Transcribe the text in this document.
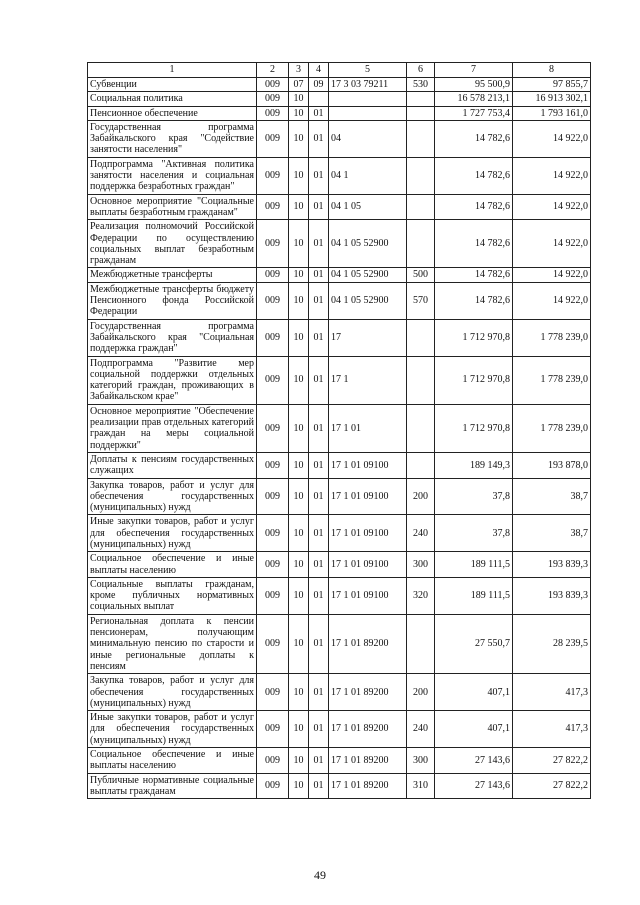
1	2	3	4	5	6	7	8
Субвенции	009	07	09	17 3 03 79211	530	95 500,9	97 855,7
Социальная политика	009	10				16 578 213,1	16 913 302,1
Пенсионное обеспечение	009	10	01			1 727 753,4	1 793 161,0
Государственная программа Забайкальского края "Содействие занятости населения"	009	10	01	04		14 782,6	14 922,0
Подпрограмма "Активная политика занятости населения и социальная поддержка безработных граждан"	009	10	01	04 1		14 782,6	14 922,0
Основное мероприятие "Социальные выплаты безработным гражданам"	009	10	01	04 1 05		14 782,6	14 922,0
Реализация полномочий Российской Федерации по осуществлению социальных выплат безработным гражданам	009	10	01	04 1 05 52900		14 782,6	14 922,0
Межбюджетные трансферты	009	10	01	04 1 05 52900	500	14 782,6	14 922,0
Межбюджетные трансферты бюджету Пенсионного фонда Российской Федерации	009	10	01	04 1 05 52900	570	14 782,6	14 922,0
Государственная программа Забайкальского края "Социальная поддержка граждан"	009	10	01	17		1 712 970,8	1 778 239,0
Подпрограмма "Развитие мер социальной поддержки отдельных категорий граждан, проживающих в Забайкальском крае"	009	10	01	17 1		1 712 970,8	1 778 239,0
Основное мероприятие "Обеспечение реализации прав отдельных категорий граждан на меры социальной поддержки"	009	10	01	17 1 01		1 712 970,8	1 778 239,0
Доплаты к пенсиям государственных служащих	009	10	01	17 1 01 09100		189 149,3	193 878,0
Закупка товаров, работ и услуг для обеспечения государственных (муниципальных) нужд	009	10	01	17 1 01 09100	200	37,8	38,7
Иные закупки товаров, работ и услуг для обеспечения государственных (муниципальных) нужд	009	10	01	17 1 01 09100	240	37,8	38,7
Социальное обеспечение и иные выплаты населению	009	10	01	17 1 01 09100	300	189 111,5	193 839,3
Социальные выплаты гражданам, кроме публичных нормативных социальных выплат	009	10	01	17 1 01 09100	320	189 111,5	193 839,3
Региональная доплата к пенсии пенсионерам, получающим минимальную пенсию по старости и иные региональные доплаты к пенсиям	009	10	01	17 1 01 89200		27 550,7	28 239,5
Закупка товаров, работ и услуг для обеспечения государственных (муниципальных) нужд	009	10	01	17 1 01 89200	200	407,1	417,3
Иные закупки товаров, работ и услуг для обеспечения государственных (муниципальных) нужд	009	10	01	17 1 01 89200	240	407,1	417,3
Социальное обеспечение и иные выплаты населению	009	10	01	17 1 01 89200	300	27 143,6	27 822,2
Публичные нормативные социальные выплаты гражданам	009	10	01	17 1 01 89200	310	27 143,6	27 822,2
49
